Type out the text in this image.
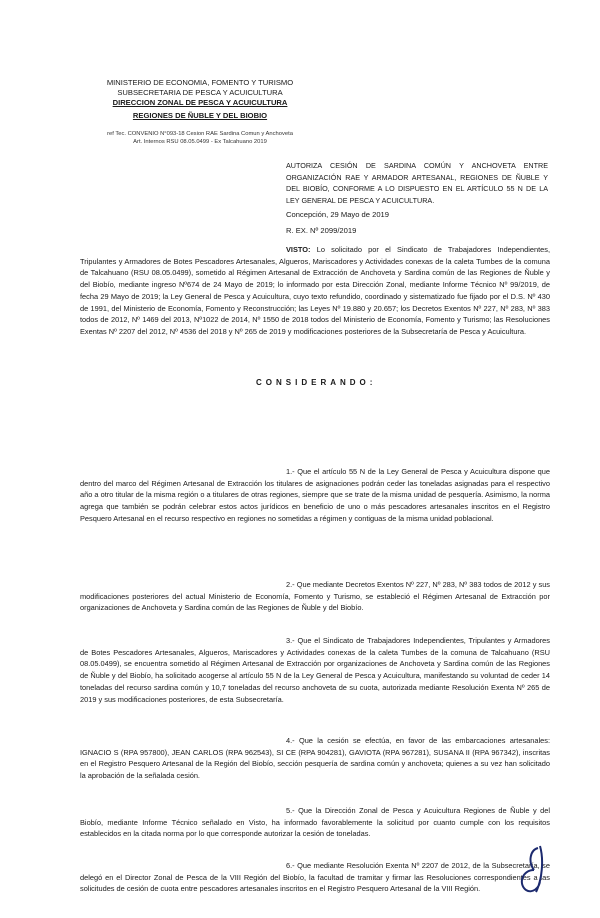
MINISTERIO DE ECONOMIA, FOMENTO Y TURISMO
SUBSECRETARIA DE PESCA Y ACUICULTURA
DIRECCION ZONAL DE PESCA Y ACUICULTURA
REGIONES DE ÑUBLE Y DEL BIOBIO
ref Tec. CONVENIO N°093-18 Cesion RAE Sardina Comun y Anchoveta
Art. Internos RSU 08.05.0499 - Ex Talcahuano 2019
AUTORIZA CESIÓN DE SARDINA COMÚN Y ANCHOVETA ENTRE ORGANIZACIÓN RAE Y ARMADOR ARTESANAL, REGIONES DE ÑUBLE Y DEL BIOBÍO, CONFORME A LO DISPUESTO EN EL ARTÍCULO 55 N DE LA LEY GENERAL DE PESCA Y ACUICULTURA.
Concepción, 29 Mayo de 2019
R. EX. Nº 2099/2019
VISTO: Lo solicitado por el Sindicato de Trabajadores Independientes, Tripulantes y Armadores de Botes Pescadores Artesanales, Algueros, Mariscadores y Actividades conexas de la caleta Tumbes de la comuna de Talcahuano (RSU 08.05.0499), sometido al Régimen Artesanal de Extracción de Anchoveta y Sardina común de las Regiones de Ñuble y del Biobío, mediante ingreso Nº674 de 24 Mayo de 2019; lo informado por esta Dirección Zonal, mediante Informe Técnico Nº 99/2019, de fecha 29 Mayo de 2019; la Ley General de Pesca y Acuicultura, cuyo texto refundido, coordinado y sistematizado fue fijado por el D.S. Nº 430 de 1991, del Ministerio de Economía, Fomento y Reconstrucción; las Leyes Nº 19.880 y 20.657; los Decretos Exentos Nº 227, Nº 283, Nº 383 todos de 2012, Nº 1469 del 2013, Nº1022 de 2014, Nº 1550 de 2018 todos del Ministerio de Economía, Fomento y Turismo; las Resoluciones Exentas Nº 2207 del 2012, Nº 4536 del 2018 y Nº 265 de 2019 y modificaciones posteriores de la Subsecretaría de Pesca y Acuicultura.
CONSIDERANDO:
1.- Que el artículo 55 N de la Ley General de Pesca y Acuicultura dispone que dentro del marco del Régimen Artesanal de Extracción los titulares de asignaciones podrán ceder las toneladas asignadas para el respectivo año a otro titular de la misma región o a titulares de otras regiones, siempre que se trate de la misma unidad de pesquería. Asimismo, la norma agrega que también se podrán celebrar estos actos jurídicos en beneficio de uno o más pescadores artesanales inscritos en el Registro Pesquero Artesanal en el recurso respectivo en regiones no sometidas a régimen y contiguas de la misma unidad poblacional.
2.- Que mediante Decretos Exentos Nº 227, Nº 283, Nº 383 todos de 2012 y sus modificaciones posteriores del actual Ministerio de Economía, Fomento y Turismo, se estableció el Régimen Artesanal de Extracción por organizaciones de Anchoveta y Sardina común de las Regiones de Ñuble y del Biobío.
3.- Que el Sindicato de Trabajadores Independientes, Tripulantes y Armadores de Botes Pescadores Artesanales, Algueros, Mariscadores y Actividades conexas de la caleta Tumbes de la comuna de Talcahuano (RSU 08.05.0499), se encuentra sometido al Régimen Artesanal de Extracción por organizaciones de Anchoveta y Sardina común de las Regiones de Ñuble y del Biobío, ha solicitado acogerse al artículo 55 N de la Ley General de Pesca y Acuicultura, manifestando su voluntad de ceder 14 toneladas del recurso sardina común y 10,7 toneladas del recurso anchoveta de su cuota, autorizada mediante Resolución Exenta Nº 265 de 2019 y sus modificaciones posteriores, de esta Subsecretaría.
4.- Que la cesión se efectúa, en favor de las embarcaciones artesanales: IGNACIO S (RPA 957800), JEAN CARLOS (RPA 962543), SI CE (RPA 904281), GAVIOTA (RPA 967281), SUSANA II (RPA 967342), inscritas en el Registro Pesquero Artesanal de la Región del Biobío, sección pesquería de sardina común y anchoveta; quienes a su vez han solicitado la aprobación de la señalada cesión.
5.- Que la Dirección Zonal de Pesca y Acuicultura Regiones de Ñuble y del Biobío, mediante Informe Técnico señalado en Visto, ha informado favorablemente la solicitud por cuanto cumple con los requisitos establecidos en la citada norma por lo que corresponde autorizar la cesión de toneladas.
6.- Que mediante Resolución Exenta Nº 2207 de 2012, de la Subsecretaría, se delegó en el Director Zonal de Pesca de la VIII Región del Biobío, la facultad de tramitar y firmar las Resoluciones correspondientes a las solicitudes de cesión de cuota entre pescadores artesanales inscritos en el Registro Pesquero Artesanal de la VIII Región.
